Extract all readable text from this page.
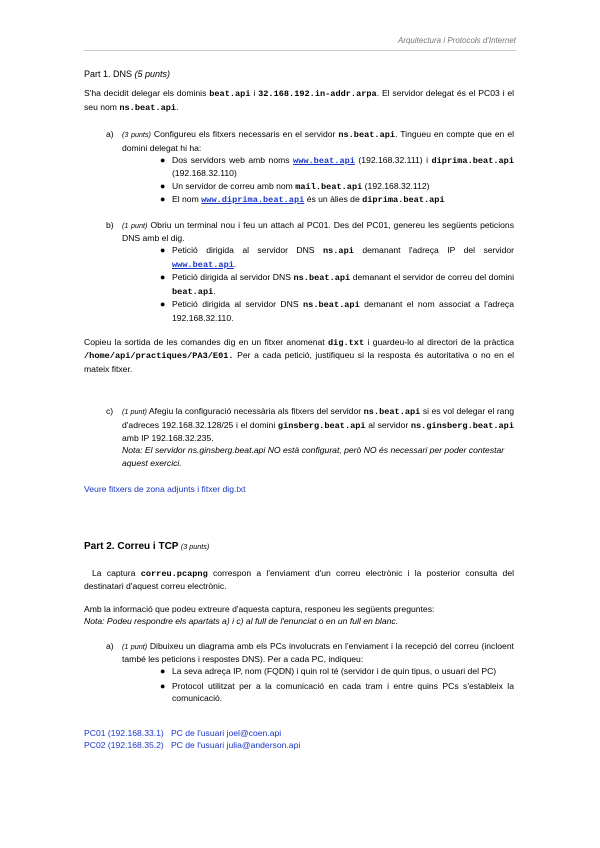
Arquitectura i Protocols d'Internet

Part 1. DNS (5 punts)

S'ha decidit delegar els dominis beat.api i 32.168.192.in-addr.arpa. El servidor delegat és el PC03 i el seu nom ns.beat.api.

a) (3 punts) Configureu els fitxers necessaris en el servidor ns.beat.api. Tingueu en compte que en el domini delegat hi ha:
● Dos servidors web amb noms www.beat.api (192.168.32.111) i diprima.beat.api (192.168.32.110)
● Un servidor de correu amb nom mail.beat.api (192.168.32.112)
● El nom www.diprima.beat.api és un àlies de diprima.beat.api
b) (1 punt) Obriu un terminal nou i feu un attach al PC01. Des del PC01, genereu les següents peticions DNS amb el dig.
● Petició dirigida al servidor DNS ns.api demanant l'adreça IP del servidor www.beat.api.
● Petició dirigida al servidor DNS ns.beat.api demanant el servidor de correu del domini beat.api.
● Petició dirigida al servidor DNS ns.beat.api demanant el nom associat a l'adreça 192.168.32.110.

Copieu la sortida de les comandes dig en un fitxer anomenat dig.txt i guardeu-lo al directori de la pràctica /home/api/practiques/PA3/E01. Per a cada petició, justifiqueu si la resposta és autoritativa o no en el mateix fitxer.

c) (1 punt) Afegiu la configuració necessària als fitxers del servidor ns.beat.api si es vol delegar el rang d'adreces 192.168.32.128/25 i el domini ginsberg.beat.api al servidor ns.ginsberg.beat.api amb IP 192.168.32.235.
Nota: El servidor ns.ginsberg.beat.api NO està configurat, però NO és necessari per poder contestar aquest exercici.

Veure fitxers de zona adjunts i fitxer dig.txt

Part 2. Correu i TCP (3 punts)

La captura correu.pcapng correspon a l'enviament d'un correu electrònic i la posterior consulta del destinatari d'aquest correu electrònic.

Amb la informació que podeu extreure d'aquesta captura, responeu les següents preguntes:

Nota: Podeu respondre els apartats a) i c) al full de l'enunciat o en un full en blanc.

a) (1 punt) Dibuixeu un diagrama amb els PCs involucrats en l'enviament i la recepció del correu (incloent també les peticions i respostes DNS). Per a cada PC, indiqueu:
● La seva adreça IP, nom (FQDN) i quin rol té (servidor i de quin tipus, o usuari del PC)
● Protocol utilitzat per a la comunicació en cada tram i entre quins PCs s'estableix la comunicació.

PC01 (192.168.33.1)   PC de l'usuari joel@coen.api

PC02 (192.168.35.2)   PC de l'usuari julia@anderson.api
